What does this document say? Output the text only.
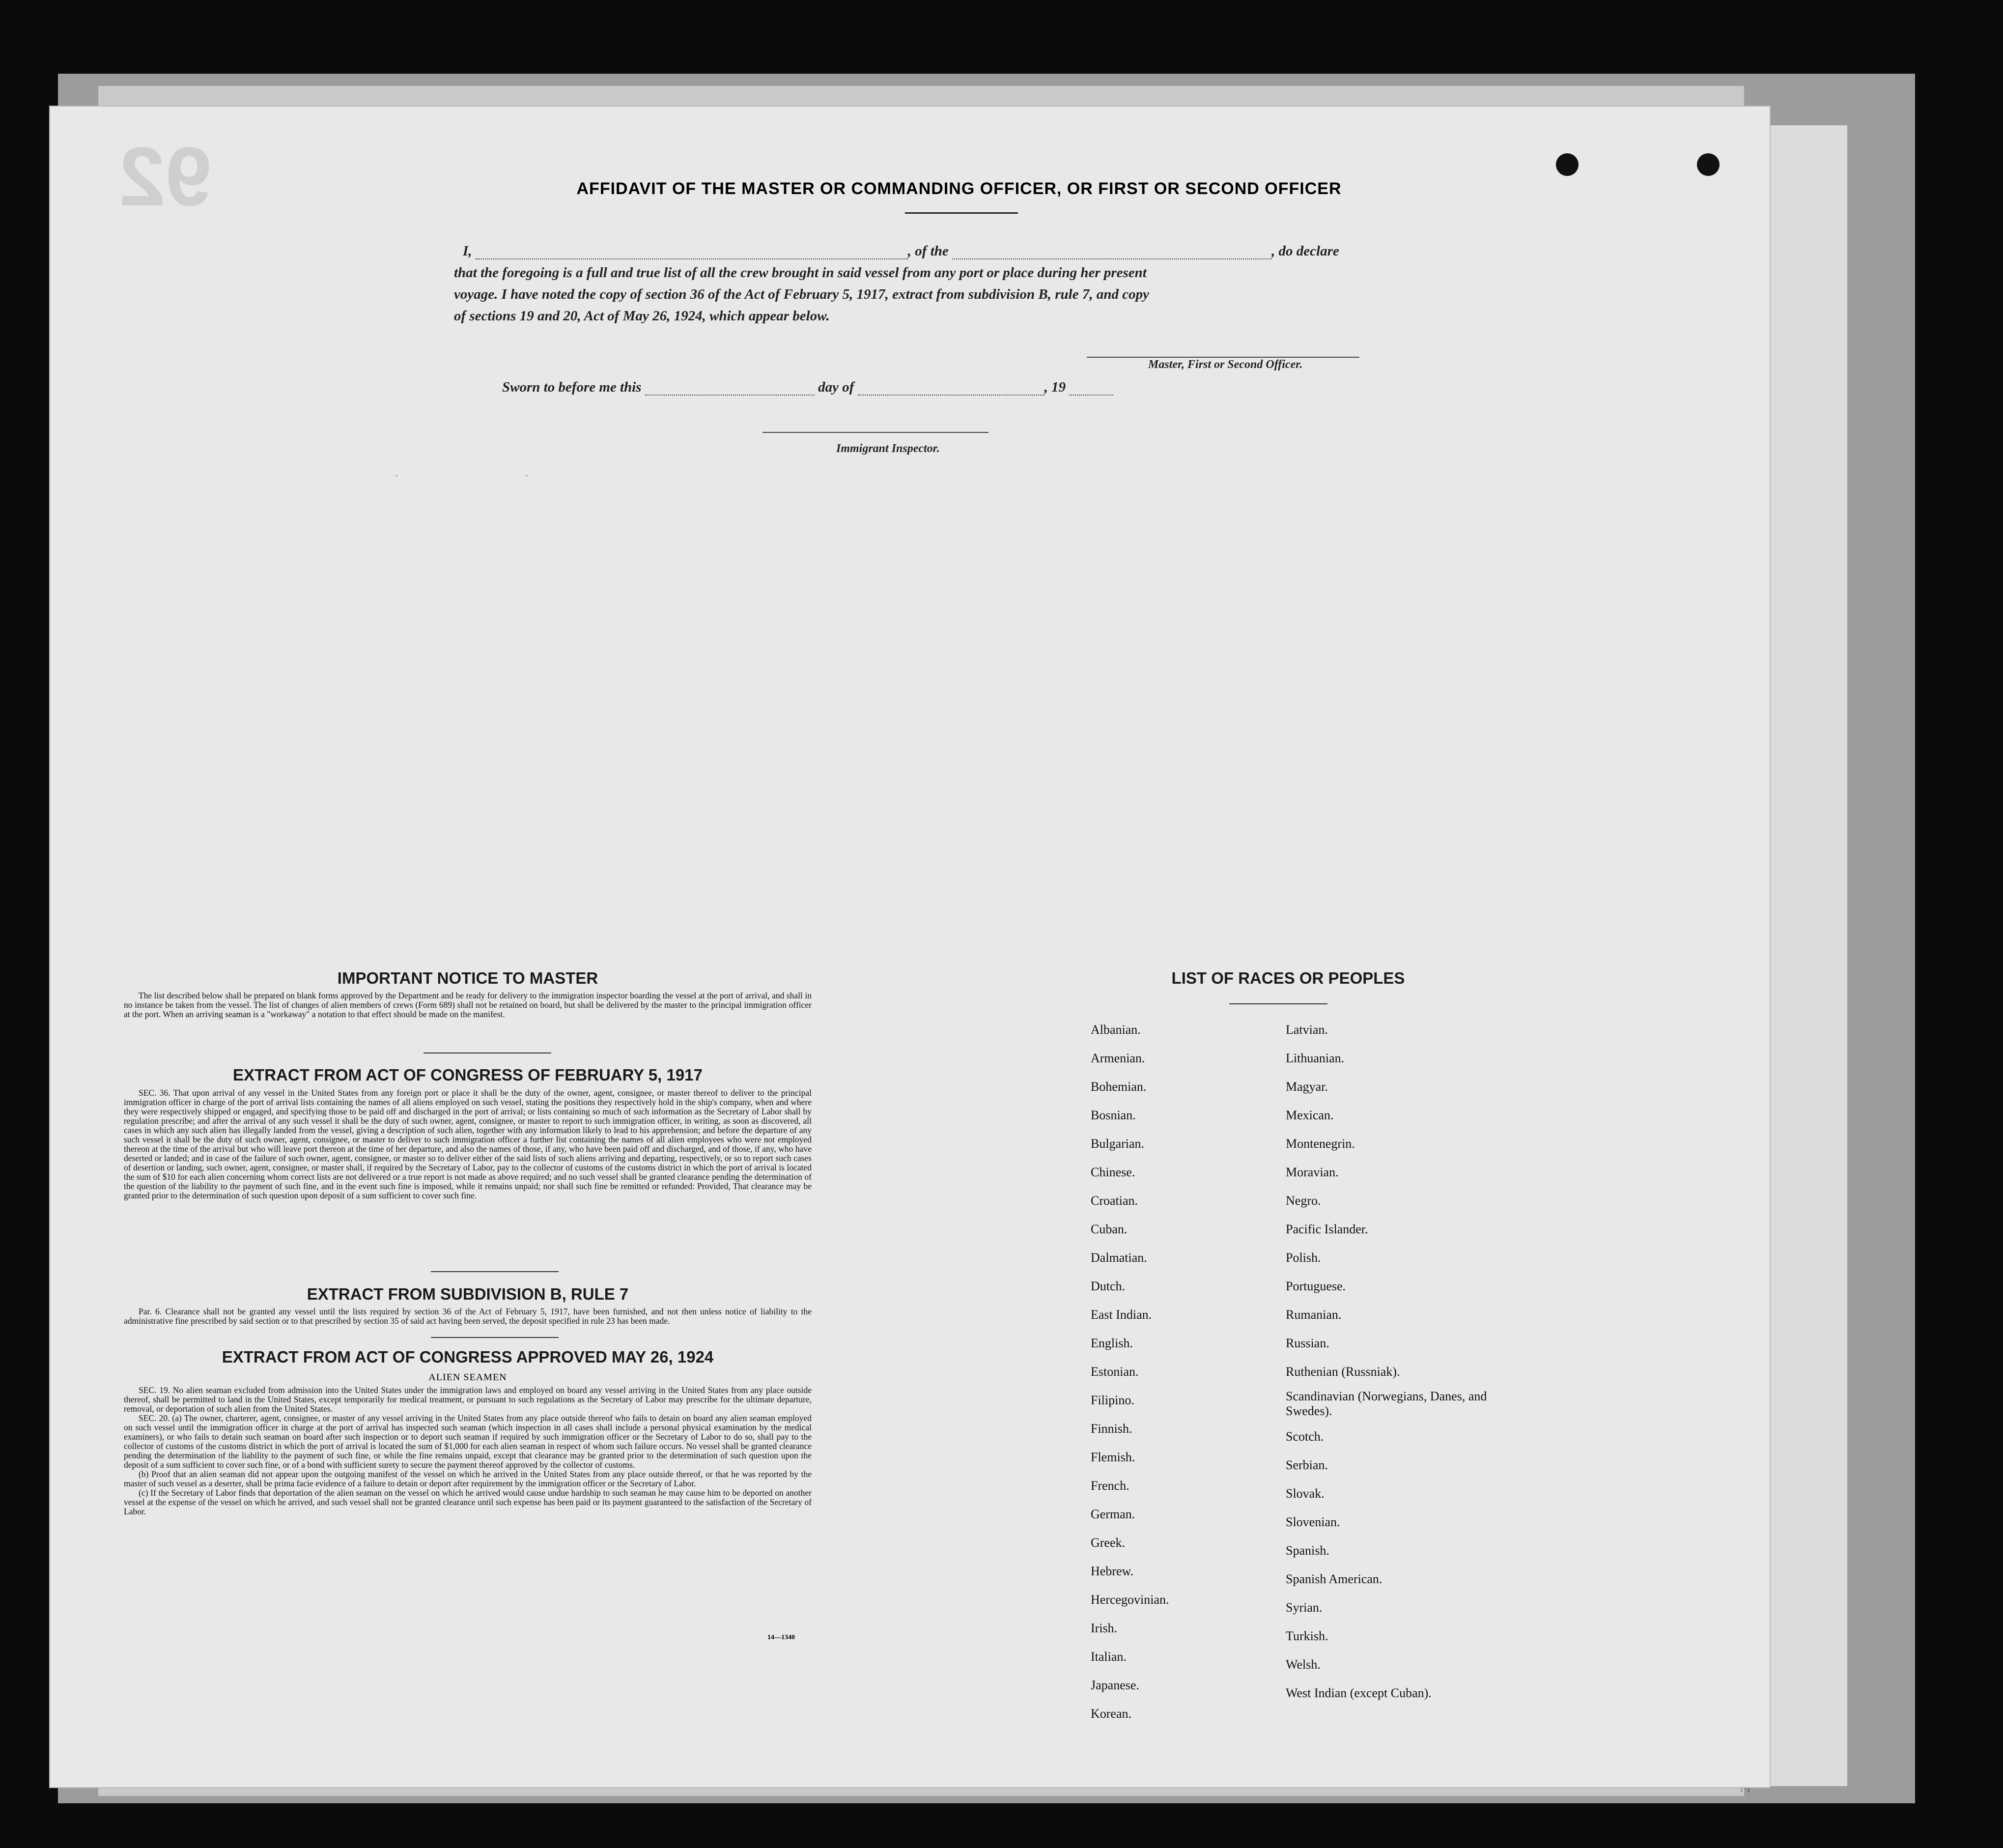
92	AFFIDAVIT OF THE MASTER OR COMMANDING OFFICER, OR FIRST OR SECOND OFFICER
I,	, of the	, do declare
that the foregoing is a full and true list of all the crew brought in said vessel from any port or place during her present
voyage. I have noted the copy of section 36 of the Act of February 5, 1917, extract from subdivision B, rule 7, and copy
of sections 19 and 20, Act of May 26, 1924, which appear below.
Master, First or Second Officer.
Sworn to before me this	day of	, 19
Immigrant Inspector.
·                                  ·
IMPORTANT NOTICE TO MASTER

The list described below shall be prepared on blank forms approved by the Department and be ready for delivery to the immigration inspector boarding the vessel at the port of arrival, and shall in no instance be taken from the vessel. The list of changes of alien members of crews (Form 689) shall not be retained on board, but shall be delivered by the master to the principal immigration officer at the port. When an arriving seaman is a "workaway" a notation to that effect should be made on the manifest.

EXTRACT FROM ACT OF CONGRESS OF FEBRUARY 5, 1917

SEC. 36. That upon arrival of any vessel in the United States from any foreign port or place it shall be the duty of the owner, agent, consignee, or master thereof to deliver to the principal immigration officer in charge of the port of arrival lists containing the names of all aliens employed on such vessel, stating the positions they respectively hold in the ship's company, when and where they were respectively shipped or engaged, and specifying those to be paid off and discharged in the port of arrival; or lists containing so much of such information as the Secretary of Labor shall by regulation prescribe; and after the arrival of any such vessel it shall be the duty of such owner, agent, consignee, or master to report to such immigration officer, in writing, as soon as discovered, all cases in which any such alien has illegally landed from the vessel, giving a description of such alien, together with any information likely to lead to his apprehension; and before the departure of any such vessel it shall be the duty of such owner, agent, consignee, or master to deliver to such immigration officer a further list containing the names of all alien employees who were not employed thereon at the time of the arrival but who will leave port thereon at the time of her departure, and also the names of those, if any, who have been paid off and discharged, and of those, if any, who have deserted or landed; and in case of the failure of such owner, agent, consignee, or master so to deliver either of the said lists of such aliens arriving and departing, respectively, or so to report such cases of desertion or landing, such owner, agent, consignee, or master shall, if required by the Secretary of Labor, pay to the collector of customs of the customs district in which the port of arrival is located the sum of $10 for each alien concerning whom correct lists are not delivered or a true report is not made as above required; and no such vessel shall be granted clearance pending the determination of the question of the liability to the payment of such fine, and in the event such fine is imposed, while it remains unpaid; nor shall such fine be remitted or refunded: Provided, That clearance may be granted prior to the determination of such question upon deposit of a sum sufficient to cover such fine.

EXTRACT FROM SUBDIVISION B, RULE 7

Par. 6. Clearance shall not be granted any vessel until the lists required by section 36 of the Act of February 5, 1917, have been furnished, and not then unless notice of liability to the administrative fine prescribed by said section or to that prescribed by section 35 of said act having been served, the deposit specified in rule 23 has been made.

EXTRACT FROM ACT OF CONGRESS APPROVED MAY 26, 1924
ALIEN SEAMEN

SEC. 19. No alien seaman excluded from admission into the United States under the immigration laws and employed on board any vessel arriving in the United States from any place outside thereof, shall be permitted to land in the United States, except temporarily for medical treatment, or pursuant to such regulations as the Secretary of Labor may prescribe for the ultimate departure, removal, or deportation of such alien from the United States.

SEC. 20. (a) The owner, charterer, agent, consignee, or master of any vessel arriving in the United States from any place outside thereof who fails to detain on board any alien seaman employed on such vessel until the immigration officer in charge at the port of arrival has inspected such seaman (which inspection in all cases shall include a personal physical examination by the medical examiners), or who fails to detain such seaman on board after such inspection or to deport such seaman if required by such immigration officer or the Secretary of Labor to do so, shall pay to the collector of customs of the customs district in which the port of arrival is located the sum of $1,000 for each alien seaman in respect of whom such failure occurs. No vessel shall be granted clearance pending the determination of the liability to the payment of such fine, or while the fine remains unpaid, except that clearance may be granted prior to the determination of such question upon the deposit of a sum sufficient to cover such fine, or of a bond with sufficient surety to secure the payment thereof approved by the collector of customs.

(b) Proof that an alien seaman did not appear upon the outgoing manifest of the vessel on which he arrived in the United States from any place outside thereof, or that he was reported by the master of such vessel as a deserter, shall be prima facie evidence of a failure to detain or deport after requirement by the immigration officer or the Secretary of Labor.

(c) If the Secretary of Labor finds that deportation of the alien seaman on the vessel on which he arrived would cause undue hardship to such seaman he may cause him to be deported on another vessel at the expense of the vessel on which he arrived, and such vessel shall not be granted clearance until such expense has been paid or its payment guaranteed to the satisfaction of the Secretary of Labor.

14—1340
LIST OF RACES OR PEOPLES
Albanian.
Armenian.
Bohemian.
Bosnian.
Bulgarian.
Chinese.
Croatian.
Cuban.
Dalmatian.
Dutch.
East Indian.
English.
Estonian.
Filipino.
Finnish.
Flemish.
French.
German.
Greek.
Hebrew.
Hercegovinian.
Irish.
Italian.
Japanese.
Korean.
Latvian.
Lithuanian.
Magyar.
Mexican.
Montenegrin.
Moravian.
Negro.
Pacific Islander.
Polish.
Portuguese.
Rumanian.
Russian.
Ruthenian (Russniak).
Scandinavian (Norwegians, Danes, and Swedes).
Scotch.
Serbian.
Slovak.
Slovenian.
Spanish.
Spanish American.
Syrian.
Turkish.
Welsh.
West Indian (except Cuban).
